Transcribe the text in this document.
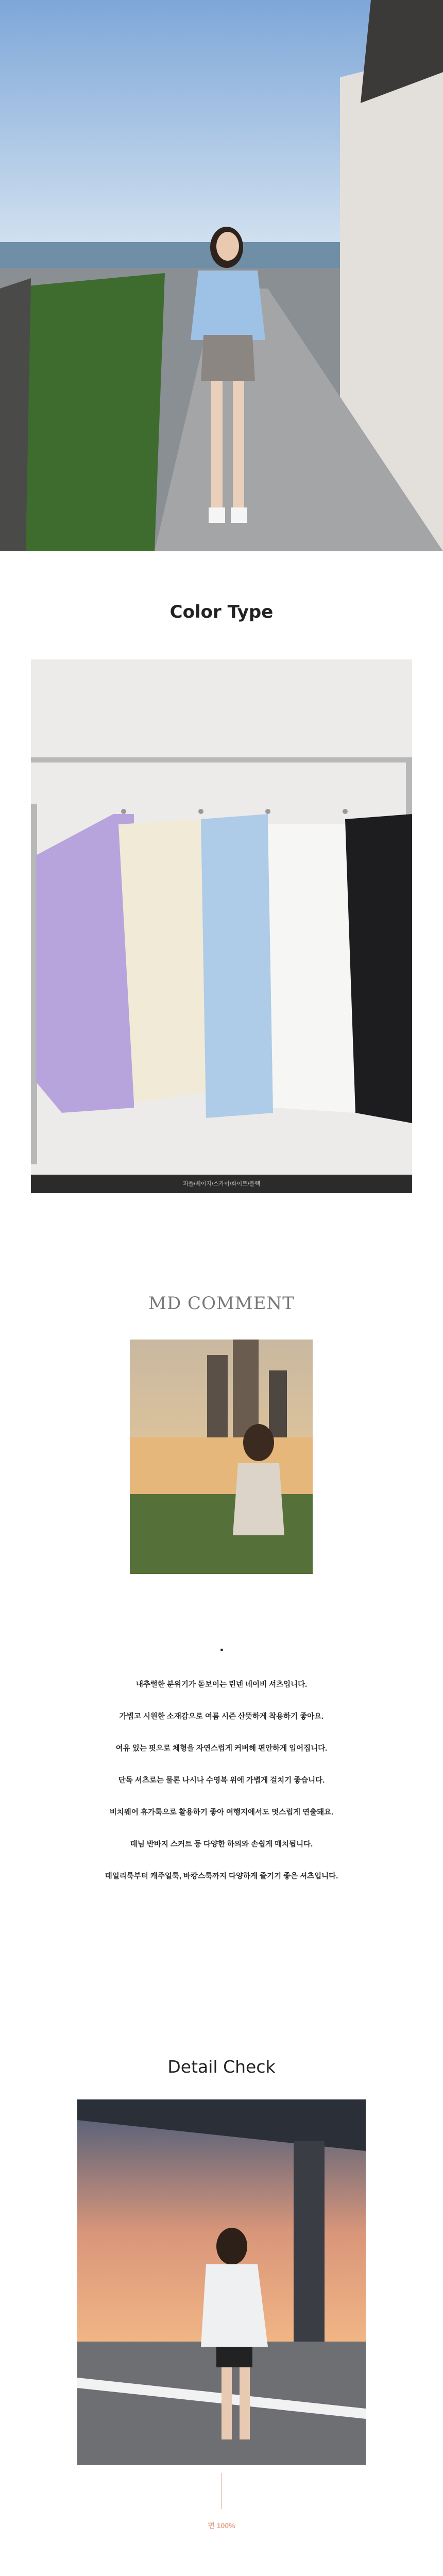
Color Type
퍼플/베이지/스카이/화이트/블랙
MD COMMENT
내추럴한 분위기가 돋보이는 린넨 네이비 셔츠입니다.
가볍고 시원한 소재감으로 여름 시즌 산뜻하게 착용하기 좋아요.
여유 있는 핏으로 체형을 자연스럽게 커버해 편안하게 입어집니다.
단독 셔츠로는 물론 나시나 수영복 위에 가볍게 걸치기 좋습니다.
비치웨어 휴가룩으로 활용하기 좋아 여행지에서도 멋스럽게 연출돼요.
데님 반바지 스커트 등 다양한 하의와 손쉽게 매치됩니다.
데일리룩부터 캐주얼룩, 바캉스룩까지 다양하게 즐기기 좋은 셔츠입니다.
Detail Check
면 100%
